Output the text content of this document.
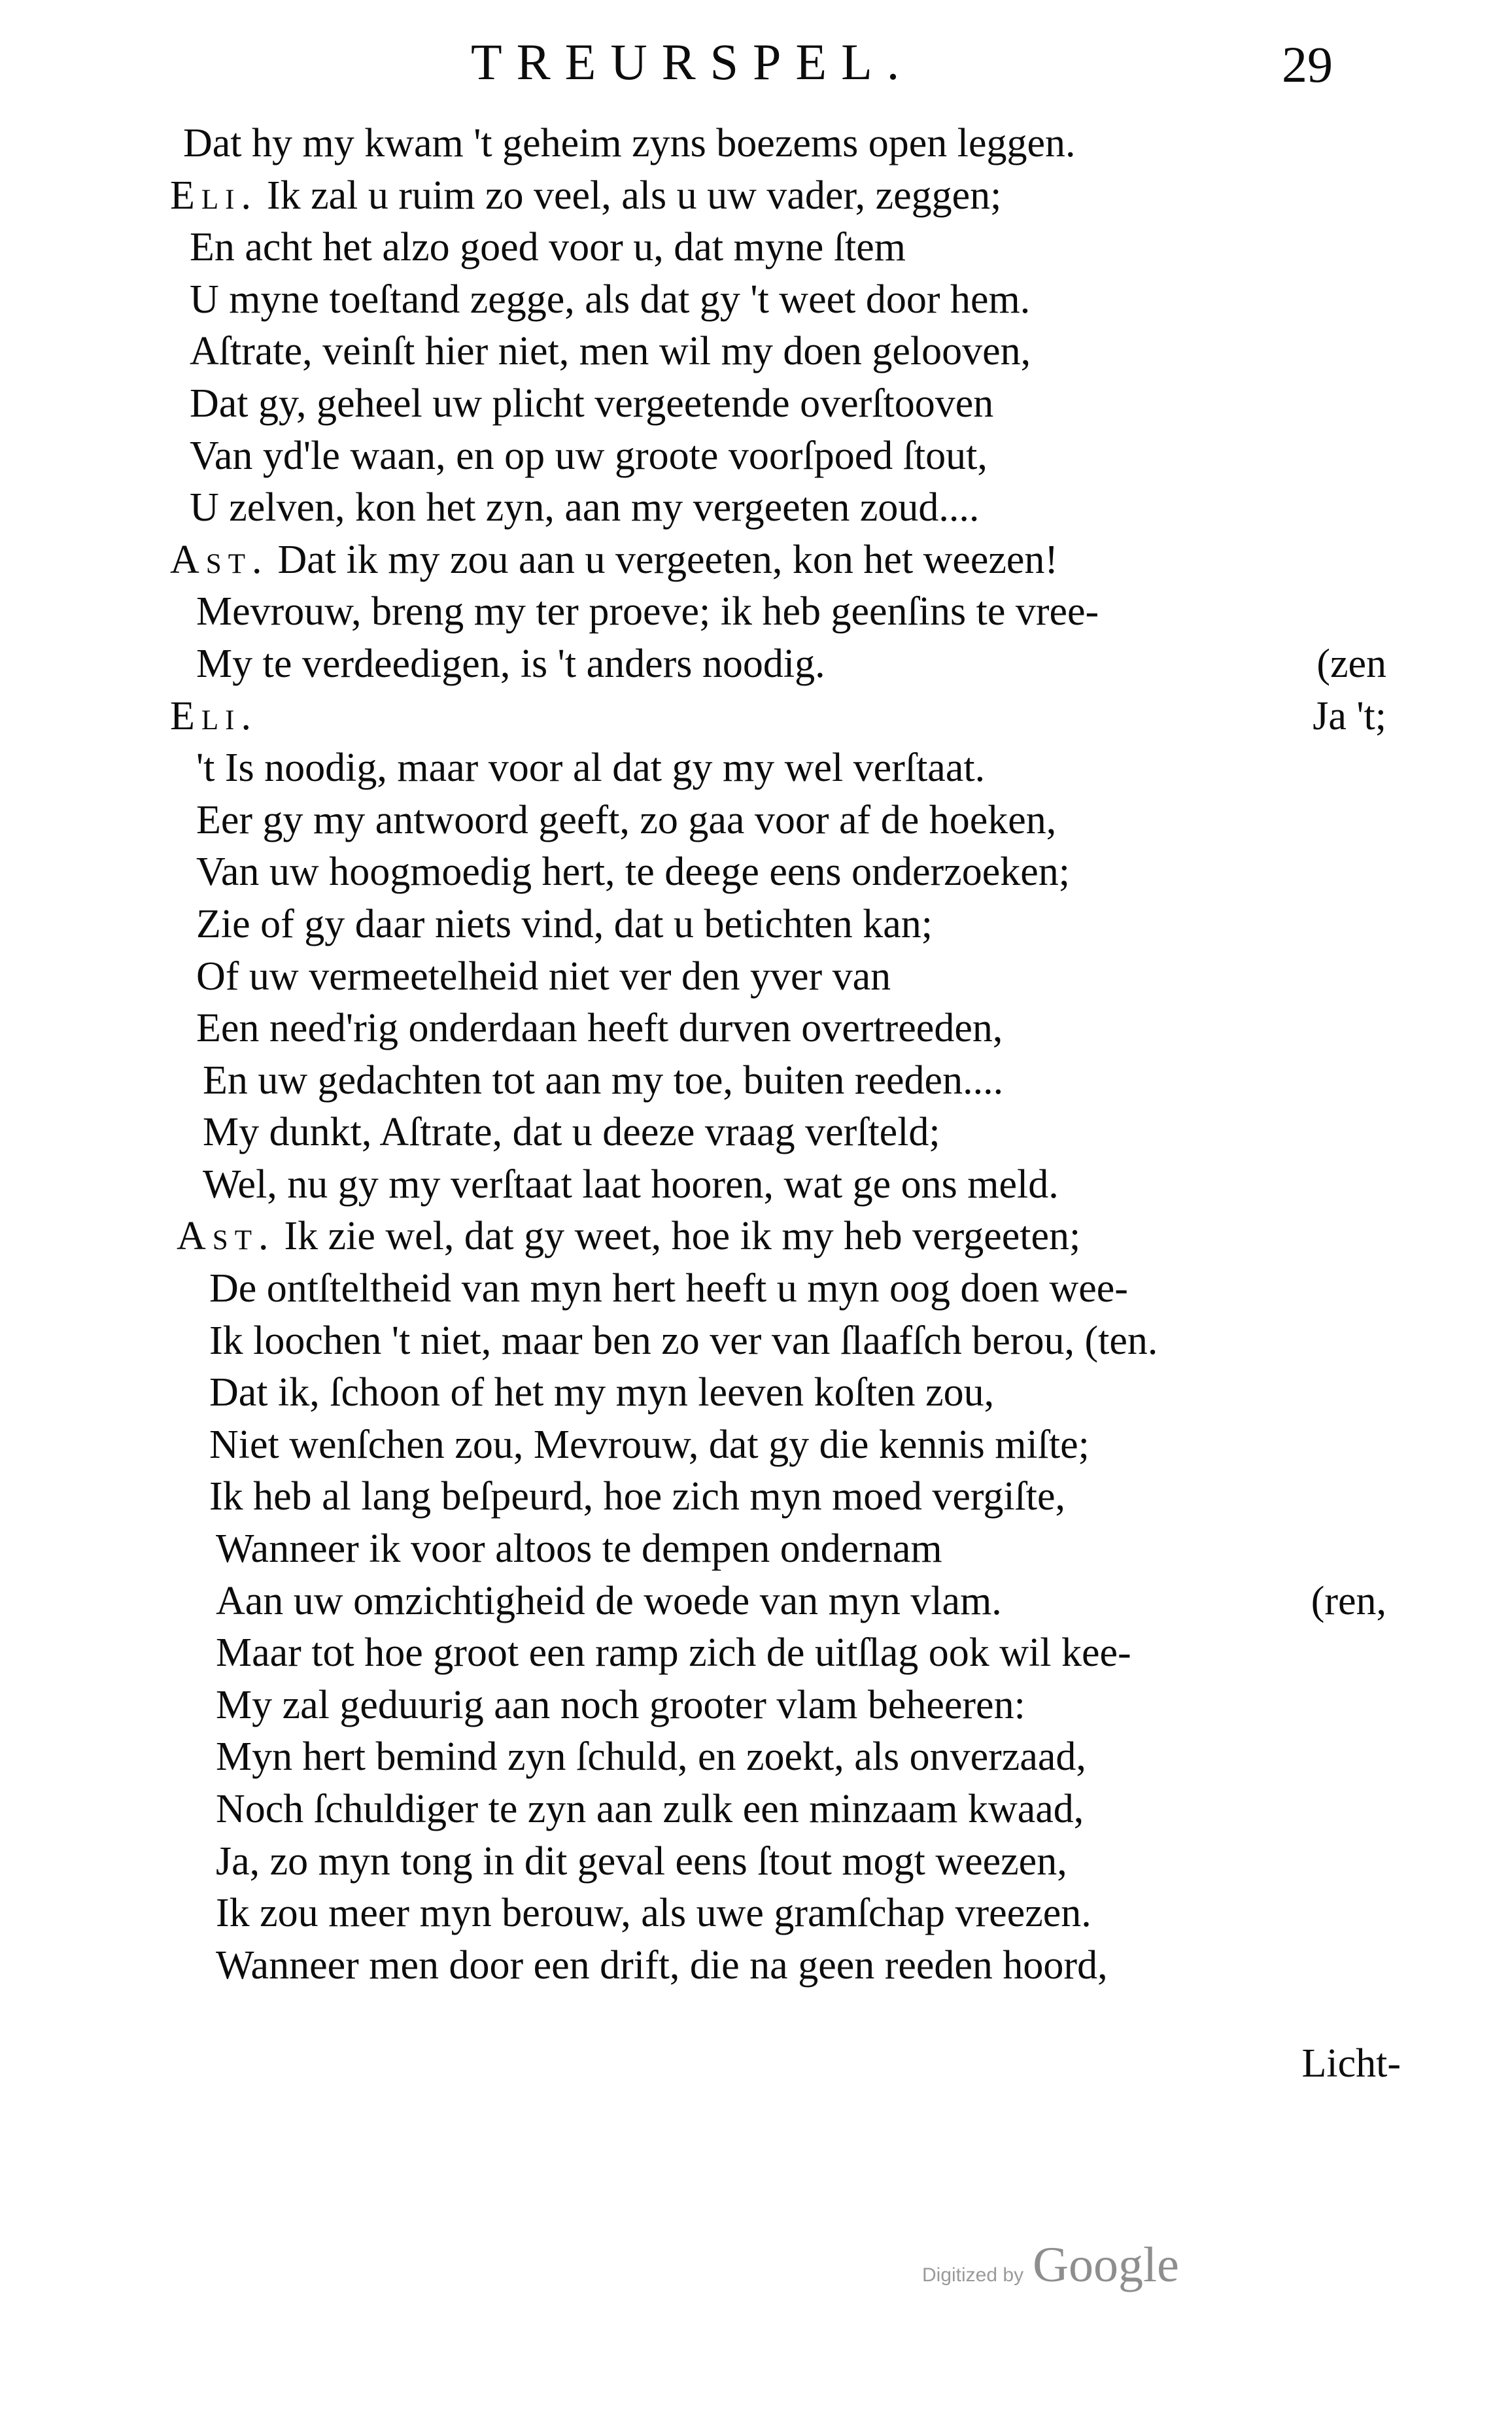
TREURSPEL.	29
Dat hy my kwam 't geheim zyns boezems open leggen.
Eli. Ik zal u ruim zo veel, als u uw vader, zeggen;
En acht het alzo goed voor u, dat myne ſtem
U myne toeſtand zegge, als dat gy 't weet door hem.
Aſtrate, veinſt hier niet, men wil my doen gelooven,
Dat gy, geheel uw plicht vergeetende overſtooven
Van yd'le waan, en op uw groote voorſpoed ſtout,
U zelven, kon het zyn, aan my vergeeten zoud....
Ast. Dat ik my zou aan u vergeeten, kon het weezen!
Mevrouw, breng my ter proeve; ik heb geenſins te vree-
My te verdeedigen, is 't anders noodig.	(zen
Eli.	Ja 't;
't Is noodig, maar voor al dat gy my wel verſtaat.
Eer gy my antwoord geeft, zo gaa voor af de hoeken,
Van uw hoogmoedig hert, te deege eens onderzoeken;
Zie of gy daar niets vind, dat u betichten kan;
Of uw vermeetelheid niet ver den yver van
Een need'rig onderdaan heeft durven overtreeden,
En uw gedachten tot aan my toe, buiten reeden....
My dunkt, Aſtrate, dat u deeze vraag verſteld;
Wel, nu gy my verſtaat laat hooren, wat ge ons meld.
Ast. Ik zie wel, dat gy weet, hoe ik my heb vergeeten;
De ontſteltheid van myn hert heeft u myn oog doen wee-
Ik loochen 't niet, maar ben zo ver van ſlaafſch berou, (ten.
Dat ik, ſchoon of het my myn leeven koſten zou,
Niet wenſchen zou, Mevrouw, dat gy die kennis miſte;
Ik heb al lang beſpeurd, hoe zich myn moed vergiſte,
Wanneer ik voor altoos te dempen ondernam
Aan uw omzichtigheid de woede van myn vlam.	(ren,
Maar tot hoe groot een ramp zich de uitſlag ook wil kee-
My zal geduurig aan noch grooter vlam beheeren:
Myn hert bemind zyn ſchuld, en zoekt, als onverzaad,
Noch ſchuldiger te zyn aan zulk een minzaam kwaad,
Ja, zo myn tong in dit geval eens ſtout mogt weezen,
Ik zou meer myn berouw, als uwe gramſchap vreezen.
Wanneer men door een drift, die na geen reeden hoord,
Licht-
Digitized by Google
